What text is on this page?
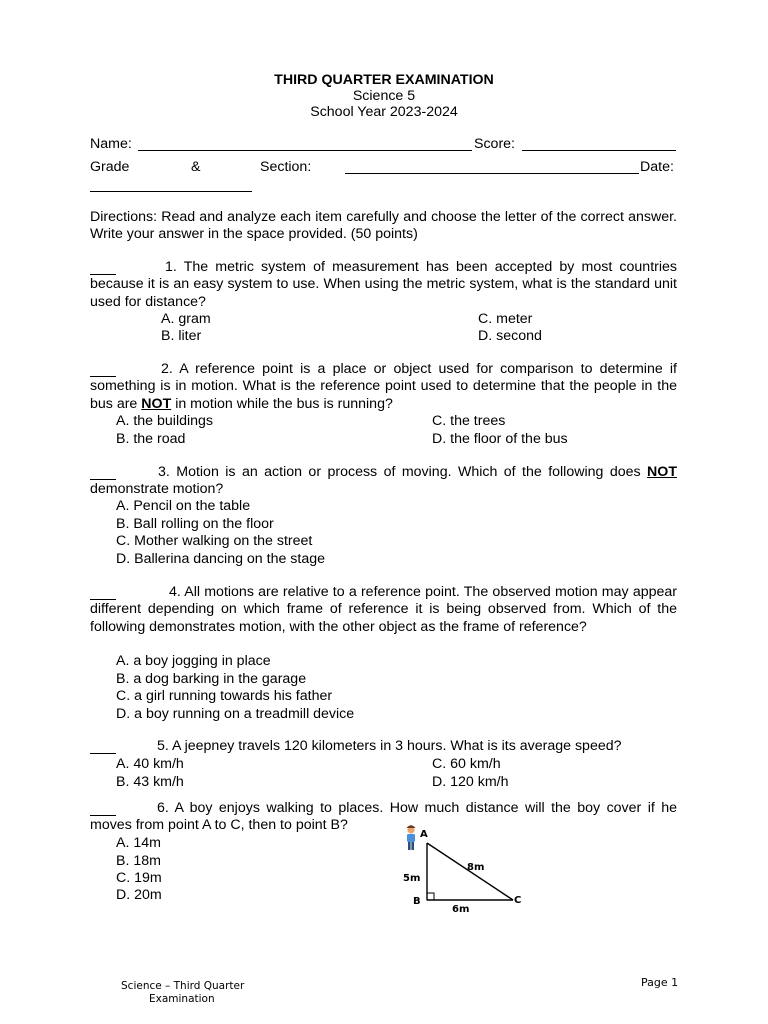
THIRD QUARTER EXAMINATION
Science 5
School Year 2023-2024
Name:	Score:
Grade	&	Section:	Date:
Directions: Read and analyze each item carefully and choose the letter of the correct answer. Write your answer in the space provided. (50 points)
1. The metric system of measurement has been accepted by most countries because it is an easy system to use. When using the metric system, what is the standard unit used for distance?
A. gram
B. liter
C. meter
D. second
2. A reference point is a place or object used for comparison to determine if something is in motion. What is the reference point used to determine that the people in the bus are NOT in motion while the bus is running?
A. the buildings
B. the road
C. the trees
D. the floor of the bus
3. Motion is an action or process of moving. Which of the following does NOT demonstrate motion?
A. Pencil on the table
B. Ball rolling on the floor
C. Mother walking on the street
D. Ballerina dancing on the stage
4. All motions are relative to a reference point. The observed motion may appear different depending on which frame of reference it is being observed from. Which of the following demonstrates motion, with the other object as the frame of reference?
A. a boy jogging in place
B. a dog barking in the garage
C. a girl running towards his father
D. a boy running on a treadmill device
5. A jeepney travels 120 kilometers in 3 hours. What is its average speed?
A. 40 km/h
B. 43 km/h
C. 60 km/h
D. 120 km/h
6. A boy enjoys walking to places. How much distance will the boy cover if he moves from point A to C, then to point B?
A. 14m
B. 18m
C. 19m
D. 20m
A
B	C
5m
6m
8m
Science – Third Quarter
Examination
Page 1
